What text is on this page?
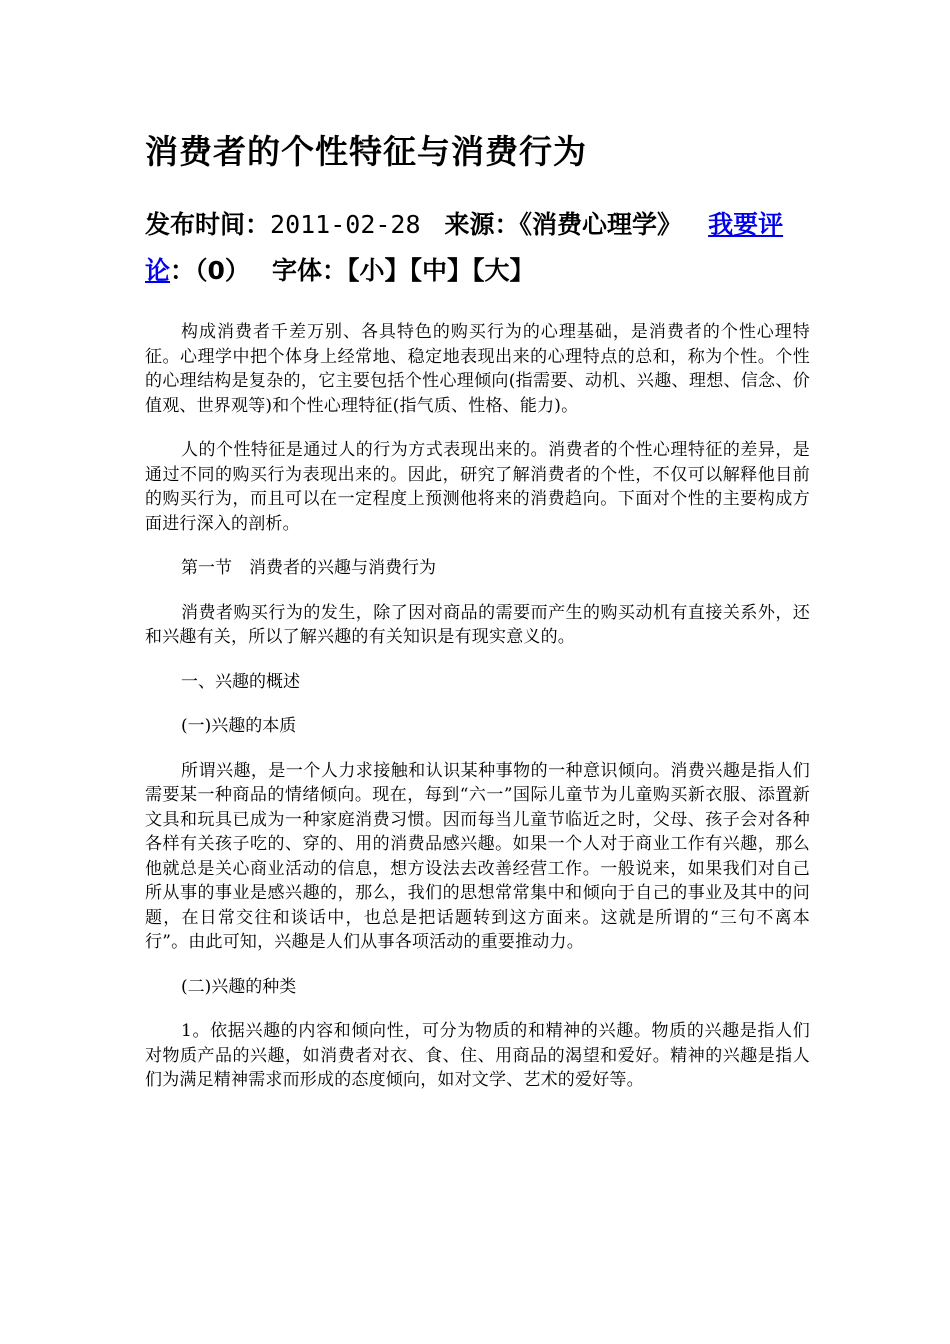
消费者的个性特征与消费行为
发布时间：2011-02-28 来源：《消费心理学》 我要评论：（0） 字体：【小】【中】【大】

构成消费者千差万别、各具特色的购买行为的心理基础，是消费者的个性心理特征。心理学中把个体身上经常地、稳定地表现出来的心理特点的总和，称为个性。个性的心理结构是复杂的，它主要包括个性心理倾向(指需要、动机、兴趣、理想、信念、价值观、世界观等)和个性心理特征(指气质、性格、能力)。

人的个性特征是通过人的行为方式表现出来的。消费者的个性心理特征的差异，是通过不同的购买行为表现出来的。因此，研究了解消费者的个性，不仅可以解释他目前的购买行为，而且可以在一定程度上预测他将来的消费趋向。下面对个性的主要构成方面进行深入的剖析。

第一节　消费者的兴趣与消费行为

消费者购买行为的发生，除了因对商品的需要而产生的购买动机有直接关系外，还和兴趣有关，所以了解兴趣的有关知识是有现实意义的。

一、兴趣的概述

(一)兴趣的本质

所谓兴趣，是一个人力求接触和认识某种事物的一种意识倾向。消费兴趣是指人们需要某一种商品的情绪倾向。现在，每到“六一”国际儿童节为儿童购买新衣服、添置新文具和玩具已成为一种家庭消费习惯。因而每当儿童节临近之时，父母、孩子会对各种各样有关孩子吃的、穿的、用的消费品感兴趣。如果一个人对于商业工作有兴趣，那么他就总是关心商业活动的信息，想方设法去改善经营工作。一般说来，如果我们对自己所从事的事业是感兴趣的，那么，我们的思想常常集中和倾向于自己的事业及其中的问题，在日常交往和谈话中，也总是把话题转到这方面来。这就是所谓的“三句不离本行”。由此可知，兴趣是人们从事各项活动的重要推动力。

(二)兴趣的种类

1。依据兴趣的内容和倾向性，可分为物质的和精神的兴趣。物质的兴趣是指人们对物质产品的兴趣，如消费者对衣、食、住、用商品的渴望和爱好。精神的兴趣是指人们为满足精神需求而形成的态度倾向，如对文学、艺术的爱好等。
